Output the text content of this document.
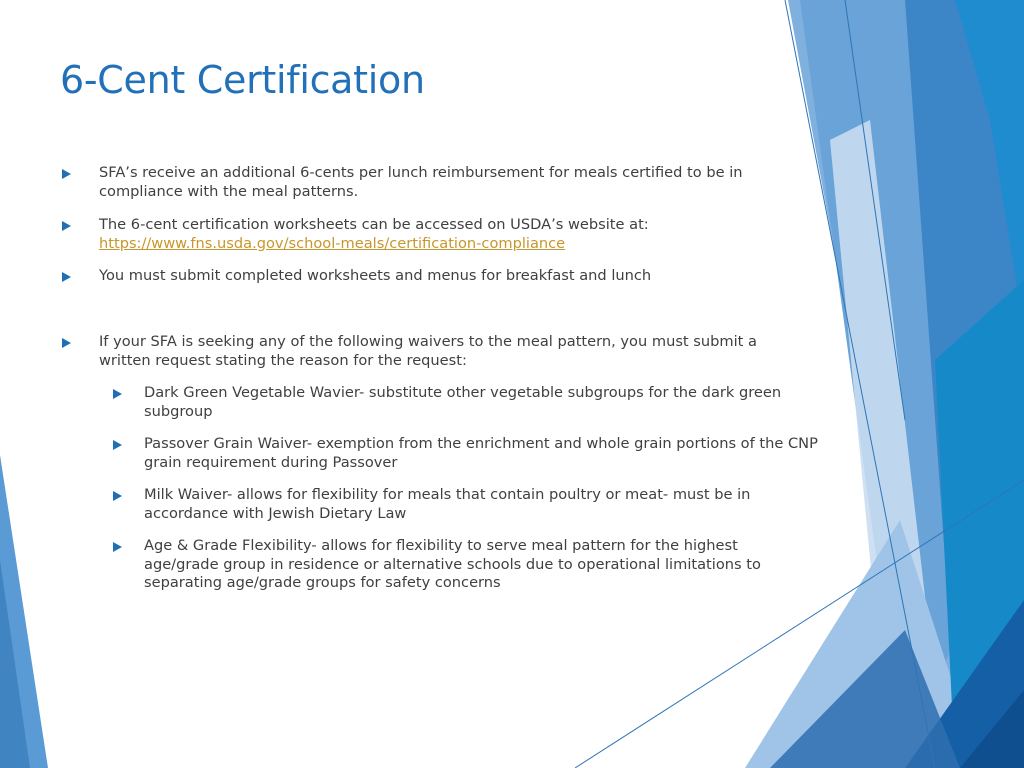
6-Cent Certification
SFA’s receive an additional 6-cents per lunch reimbursement for meals certified to be in compliance with the meal patterns.
The 6-cent certification worksheets can be accessed on USDA’s website at:
https://www.fns.usda.gov/school-meals/certification-compliance
You must submit completed worksheets and menus for breakfast and lunch
If your SFA is seeking any of the following waivers to the meal pattern, you must submit a written request stating the reason for the request:
Dark Green Vegetable Wavier- substitute other vegetable subgroups for the dark green subgroup
Passover Grain Waiver- exemption from the enrichment and whole grain portions of the CNP grain requirement during Passover
Milk Waiver- allows for flexibility for meals that contain poultry or meat- must be in accordance with Jewish Dietary Law
Age & Grade Flexibility- allows for flexibility to serve meal pattern for the highest age/grade group in residence or alternative schools due to operational limitations to separating age/grade groups for safety concerns
